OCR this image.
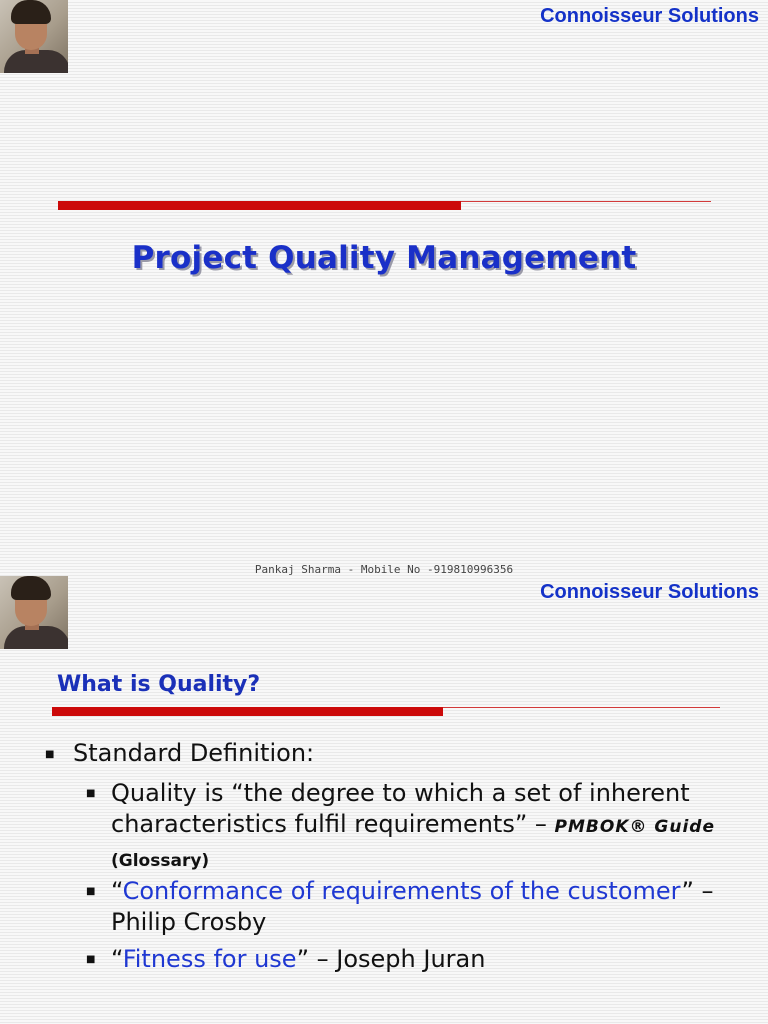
Connoisseur Solutions
Project Quality Management
Pankaj Sharma - Mobile No -919810996356
Connoisseur Solutions
What is Quality?
■ Standard Definition:
■ Quality is “the degree to which a set of inherent characteristics fulfil requirements” – PMBOK® Guide (Glossary)
■ “Conformance of requirements of the customer” – Philip Crosby
■ “Fitness for use” – Joseph Juran
